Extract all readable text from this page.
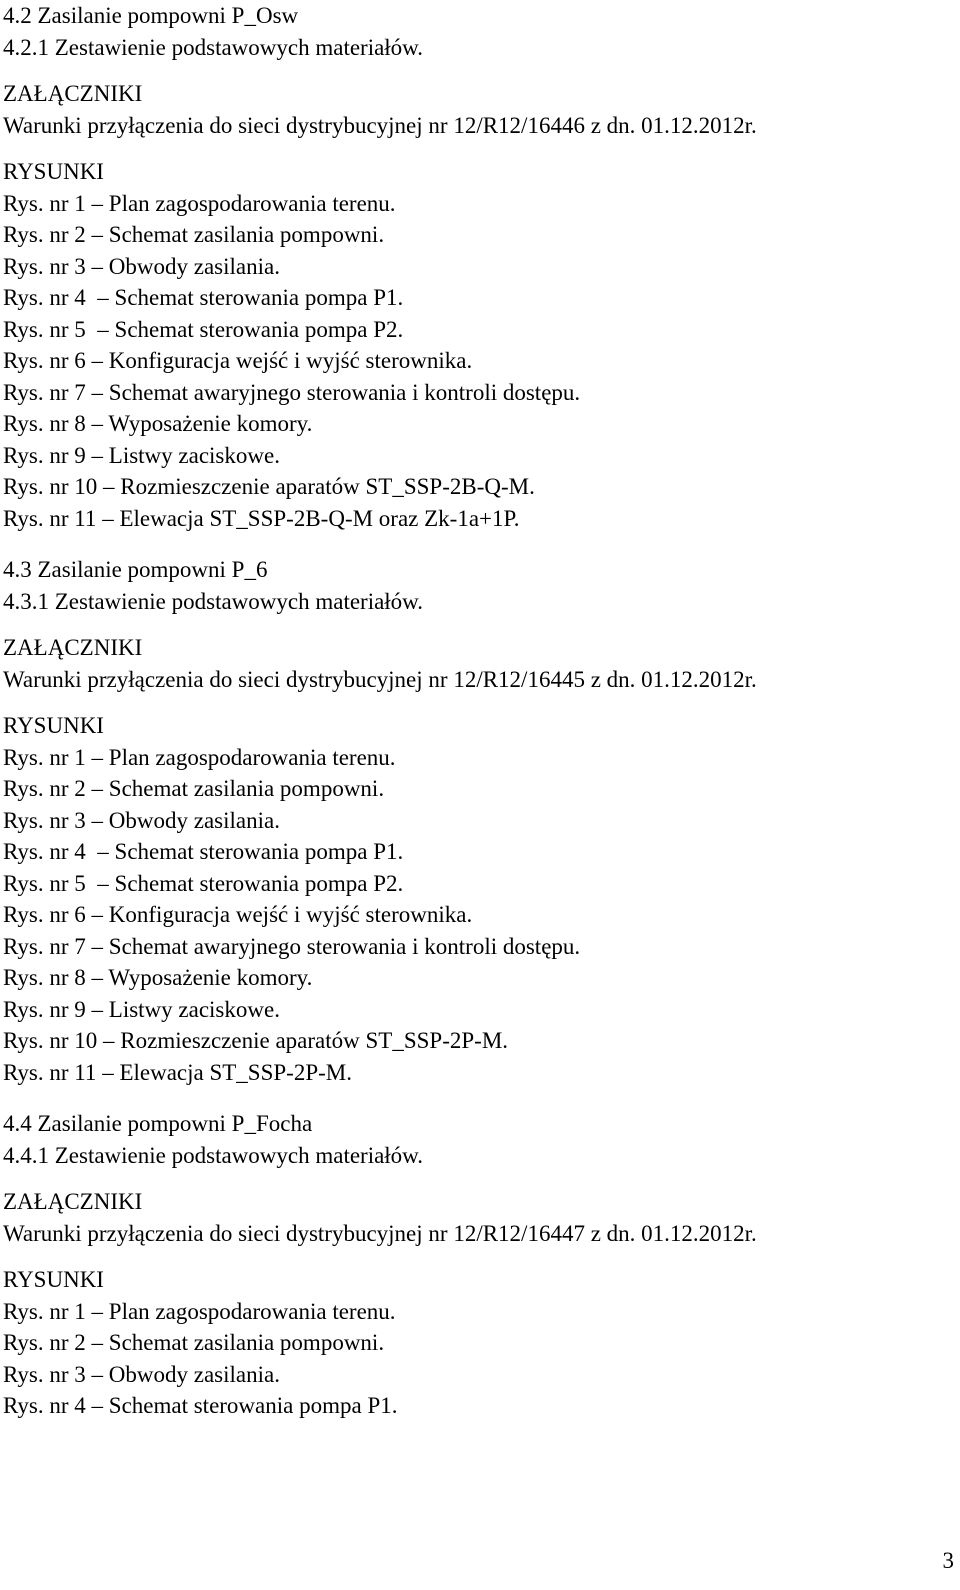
4.2 Zasilanie pompowni P_Osw
4.2.1 Zestawienie podstawowych materiałów.
ZAŁĄCZNIKI
Warunki przyłączenia do sieci dystrybucyjnej nr 12/R12/16446 z dn. 01.12.2012r.
RYSUNKI
Rys. nr 1 – Plan zagospodarowania terenu.
Rys. nr 2 – Schemat zasilania pompowni.
Rys. nr 3 – Obwody zasilania.
Rys. nr 4  – Schemat sterowania pompa P1.
Rys. nr 5  – Schemat sterowania pompa P2.
Rys. nr 6 – Konfiguracja wejść i wyjść sterownika.
Rys. nr 7 – Schemat awaryjnego sterowania i kontroli dostępu.
Rys. nr 8 – Wyposażenie komory.
Rys. nr 9 – Listwy zaciskowe.
Rys. nr 10 – Rozmieszczenie aparatów ST_SSP-2B-Q-M.
Rys. nr 11 – Elewacja ST_SSP-2B-Q-M oraz Zk-1a+1P.
4.3 Zasilanie pompowni P_6
4.3.1 Zestawienie podstawowych materiałów.
ZAŁĄCZNIKI
Warunki przyłączenia do sieci dystrybucyjnej nr 12/R12/16445 z dn. 01.12.2012r.
RYSUNKI
Rys. nr 1 – Plan zagospodarowania terenu.
Rys. nr 2 – Schemat zasilania pompowni.
Rys. nr 3 – Obwody zasilania.
Rys. nr 4  – Schemat sterowania pompa P1.
Rys. nr 5  – Schemat sterowania pompa P2.
Rys. nr 6 – Konfiguracja wejść i wyjść sterownika.
Rys. nr 7 – Schemat awaryjnego sterowania i kontroli dostępu.
Rys. nr 8 – Wyposażenie komory.
Rys. nr 9 – Listwy zaciskowe.
Rys. nr 10 – Rozmieszczenie aparatów ST_SSP-2P-M.
Rys. nr 11 – Elewacja ST_SSP-2P-M.
4.4 Zasilanie pompowni P_Focha
4.4.1 Zestawienie podstawowych materiałów.
ZAŁĄCZNIKI
Warunki przyłączenia do sieci dystrybucyjnej nr 12/R12/16447 z dn. 01.12.2012r.
RYSUNKI
Rys. nr 1 – Plan zagospodarowania terenu.
Rys. nr 2 – Schemat zasilania pompowni.
Rys. nr 3 – Obwody zasilania.
Rys. nr 4 – Schemat sterowania pompa P1.
3
